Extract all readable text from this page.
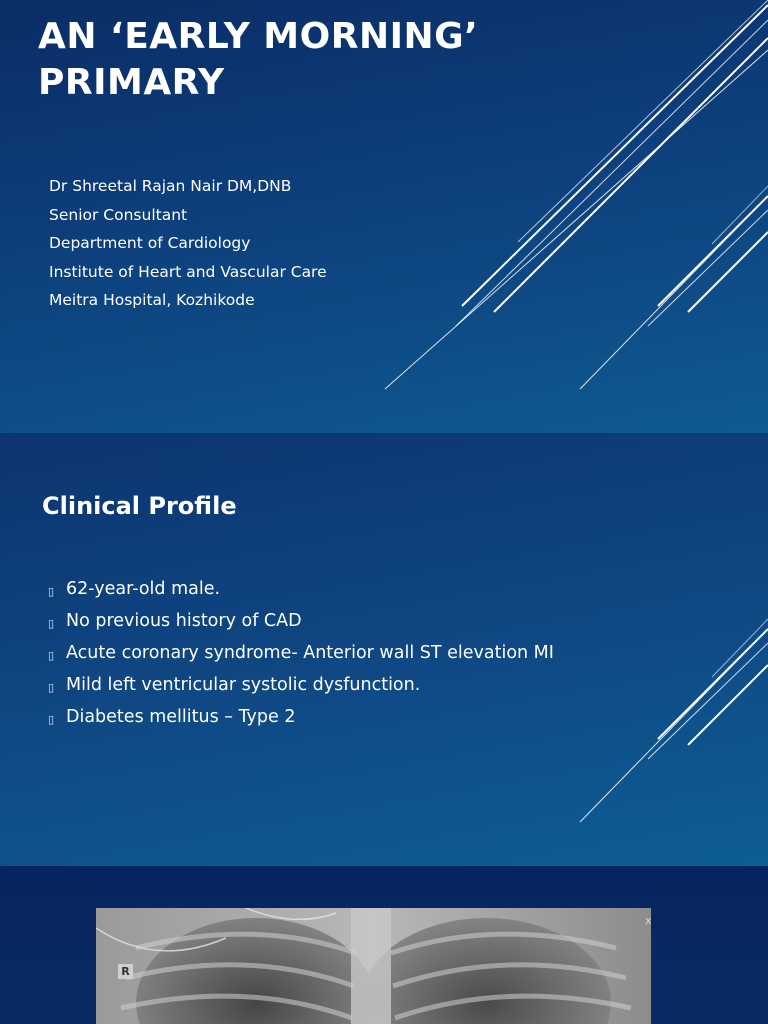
AN ‘EARLY MORNING’
PRIMARY
Dr Shreetal Rajan Nair DM,DNB
Senior Consultant
Department of Cardiology
Institute of Heart and Vascular Care
Meitra Hospital, Kozhikode
Clinical Profile
▯ 62-year-old male.
▯ No previous history of CAD
▯ Acute coronary syndrome- Anterior wall ST elevation MI
▯ Mild left ventricular systolic dysfunction.
▯ Diabetes mellitus – Type 2
R
x
